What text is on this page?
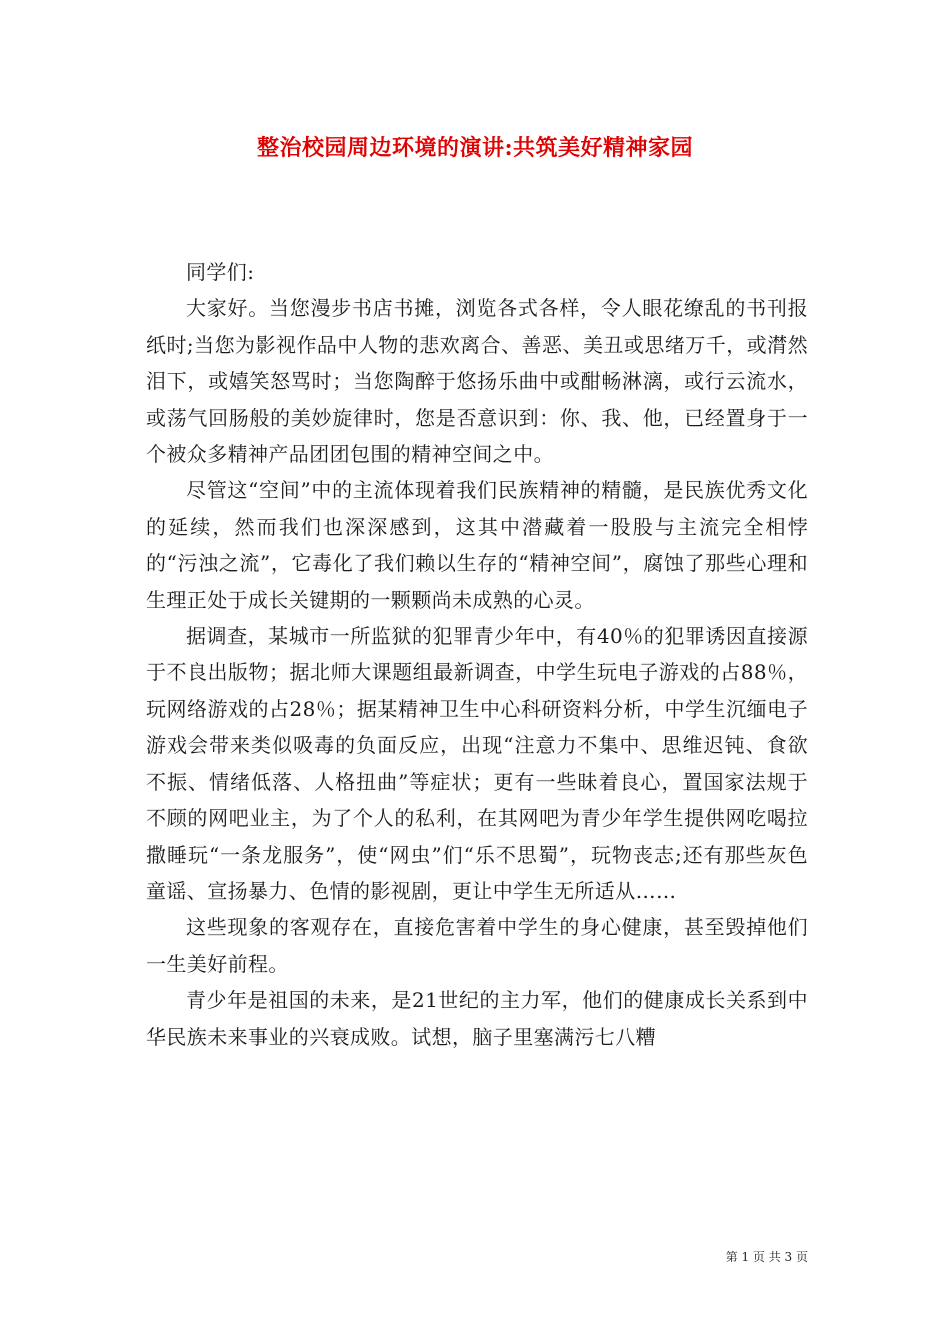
整治校园周边环境的演讲:共筑美好精神家园

同学们:

大家好。当您漫步书店书摊，浏览各式各样，令人眼花缭乱的书刊报纸时;当您为影视作品中人物的悲欢离合、善恶、美丑或思绪万千，或潸然泪下，或嬉笑怒骂时；当您陶醉于悠扬乐曲中或酣畅淋漓，或行云流水，或荡气回肠般的美妙旋律时，您是否意识到：你、我、他，已经置身于一个被众多精神产品团团包围的精神空间之中。

尽管这“空间”中的主流体现着我们民族精神的精髓，是民族优秀文化的延续，然而我们也深深感到，这其中潜藏着一股股与主流完全相悖的“污浊之流”，它毒化了我们赖以生存的“精神空间”，腐蚀了那些心理和生理正处于成长关键期的一颗颗尚未成熟的心灵。

据调查，某城市一所监狱的犯罪青少年中，有40％的犯罪诱因直接源于不良出版物；据北师大课题组最新调查，中学生玩电子游戏的占88％，玩网络游戏的占28％；据某精神卫生中心科研资料分析，中学生沉缅电子游戏会带来类似吸毒的负面反应，出现“注意力不集中、思维迟钝、食欲不振、情绪低落、人格扭曲”等症状；更有一些昧着良心，置国家法规于不顾的网吧业主，为了个人的私利，在其网吧为青少年学生提供网吃喝拉撒睡玩“一条龙服务”，使“网虫”们“乐不思蜀”，玩物丧志;还有那些灰色童谣、宣扬暴力、色情的影视剧，更让中学生无所适从……

这些现象的客观存在，直接危害着中学生的身心健康，甚至毁掉他们一生美好前程。

青少年是祖国的未来，是21世纪的主力军，他们的健康成长关系到中华民族未来事业的兴衰成败。试想，脑子里塞满污七八糟

第 1 页 共 3 页
